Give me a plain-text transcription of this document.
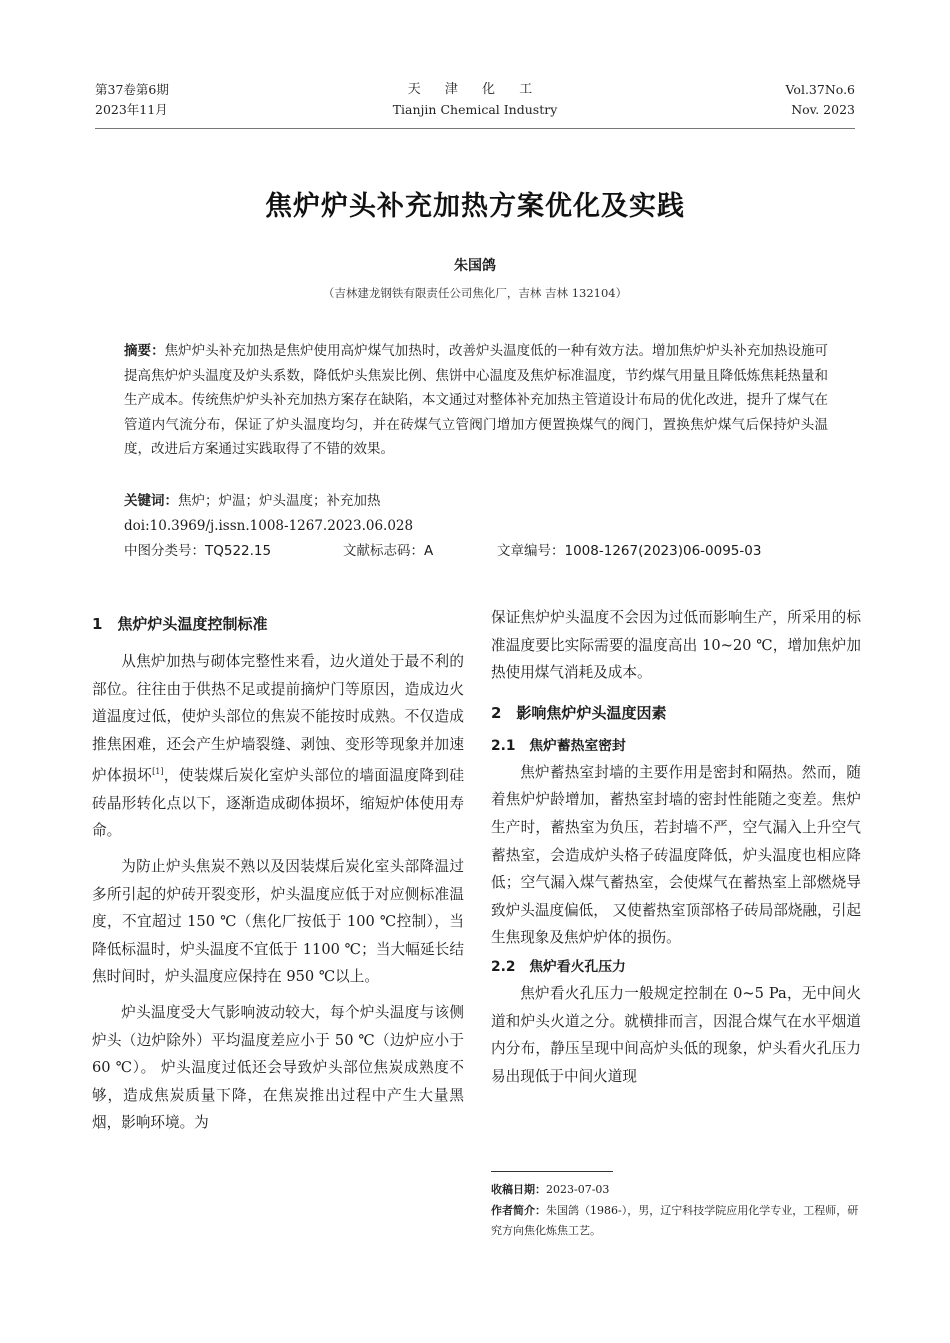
第37卷第6期
2023年11月
天 津 化 工
Tianjin Chemical Industry
Vol.37No.6
Nov. 2023
焦炉炉头补充加热方案优化及实践
朱国鸽
（吉林建龙钢铁有限责任公司焦化厂，吉林 吉林 132104）
摘要：焦炉炉头补充加热是焦炉使用高炉煤气加热时，改善炉头温度低的一种有效方法。增加焦炉炉头补充加热设施可提高焦炉炉头温度及炉头系数，降低炉头焦炭比例、焦饼中心温度及焦炉标准温度，节约煤气用量且降低炼焦耗热量和生产成本。传统焦炉炉头补充加热方案存在缺陷，本文通过对整体补充加热主管道设计布局的优化改进，提升了煤气在管道内气流分布，保证了炉头温度均匀，并在砖煤气立管阀门增加方便置换煤气的阀门，置换焦炉煤气后保持炉头温度，改进后方案通过实践取得了不错的效果。
关键词：焦炉；炉温；炉头温度；补充加热
doi:10.3969/j.issn.1008-1267.2023.06.028
中图分类号：TQ522.15	文献标志码：A	文章编号：1008-1267(2023)06-0095-03
1　焦炉炉头温度控制标准

从焦炉加热与砌体完整性来看，边火道处于最不利的部位。往往由于供热不足或提前摘炉门等原因，造成边火道温度过低，使炉头部位的焦炭不能按时成熟。不仅造成推焦困难，还会产生炉墙裂缝、剥蚀、变形等现象并加速炉体损坏[1]，使装煤后炭化室炉头部位的墙面温度降到硅砖晶形转化点以下，逐渐造成砌体损坏，缩短炉体使用寿命。

为防止炉头焦炭不熟以及因装煤后炭化室头部降温过多所引起的炉砖开裂变形，炉头温度应低于对应侧标准温度，不宜超过 150 ℃（焦化厂按低于 100 ℃控制），当降低标温时，炉头温度不宜低于 1100 ℃；当大幅延长结焦时间时，炉头温度应保持在 950 ℃以上。

炉头温度受大气影响波动较大，每个炉头温度与该侧炉头（边炉除外）平均温度差应小于 50 ℃（边炉应小于 60 ℃）。 炉头温度过低还会导致炉头部位焦炭成熟度不够，造成焦炭质量下降，在焦炭推出过程中产生大量黑烟，影响环境。为

保证焦炉炉头温度不会因为过低而影响生产，所采用的标准温度要比实际需要的温度高出 10~20 ℃，增加焦炉加热使用煤气消耗及成本。

2　影响焦炉炉头温度因素
2.1　焦炉蓄热室密封

焦炉蓄热室封墙的主要作用是密封和隔热。然而，随着焦炉炉龄增加，蓄热室封墙的密封性能随之变差。焦炉生产时，蓄热室为负压，若封墙不严，空气漏入上升空气蓄热室，会造成炉头格子砖温度降低，炉头温度也相应降低；空气漏入煤气蓄热室，会使煤气在蓄热室上部燃烧导致炉头温度偏低， 又使蓄热室顶部格子砖局部烧融，引起生焦现象及焦炉炉体的损伤。

2.2　焦炉看火孔压力

焦炉看火孔压力一般规定控制在 0~5 Pa，无中间火道和炉头火道之分。就横排而言，因混合煤气在水平烟道内分布，静压呈现中间高炉头低的现象，炉头看火孔压力易出现低于中间火道现

收稿日期：2023-07-03
作者简介：朱国鸽（1986-），男，辽宁科技学院应用化学专业，工程师，研究方向焦化炼焦工艺。
